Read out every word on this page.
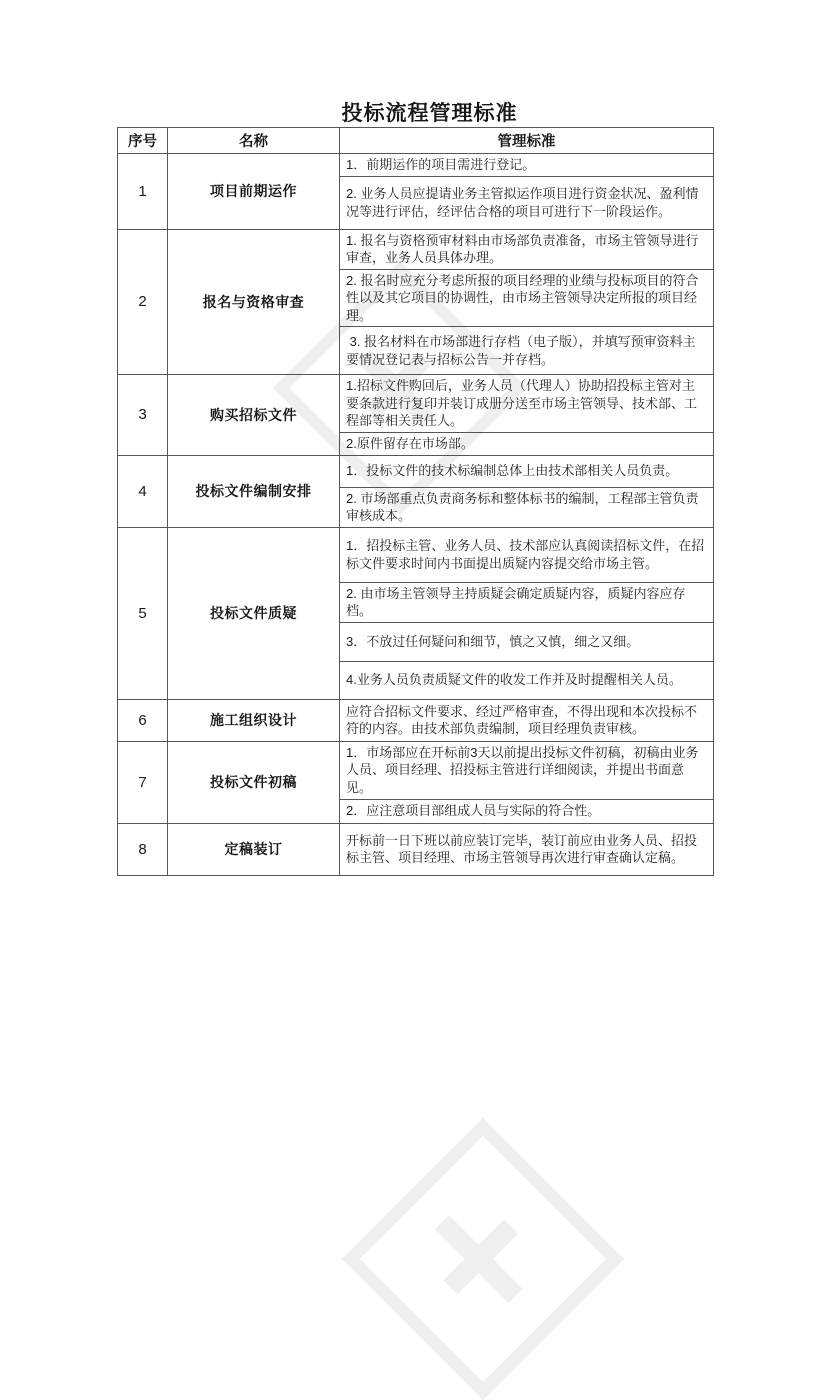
投标流程管理标准
序号	名称	管理标准
1	项目前期运作	1．前期运作的项目需进行登记。
		2. 业务人员应提请业务主管拟运作项目进行资金状况、盈利情况等进行评估，经评估合格的项目可进行下一阶段运作。
2	报名与资格审查	1. 报名与资格预审材料由市场部负责准备，市场主管领导进行审查，业务人员具体办理。
		2. 报名时应充分考虑所报的项目经理的业绩与投标项目的符合性以及其它项目的协调性，由市场主管领导决定所报的项目经理。
		3. 报名材料在市场部进行存档（电子版），并填写预审资料主要情况登记表与招标公告一并存档。
3	购买招标文件	1.招标文件购回后，业务人员（代理人）协助招投标主管对主要条款进行复印并装订成册分送至市场主管领导、技术部、工程部等相关责任人。
		2.原件留存在市场部。
4	投标文件编制安排	1．投标文件的技术标编制总体上由技术部相关人员负责。
		2. 市场部重点负责商务标和整体标书的编制，工程部主管负责审核成本。
5	投标文件质疑	1．招投标主管、业务人员、技术部应认真阅读招标文件，在招标文件要求时间内书面提出质疑内容提交给市场主管。
		2. 由市场主管领导主持质疑会确定质疑内容，质疑内容应存档。
		3．不放过任何疑问和细节，慎之又慎，细之又细。
		4.业务人员负责质疑文件的收发工作并及时提醒相关人员。
6	施工组织设计	应符合招标文件要求、经过严格审查，不得出现和本次投标不符的内容。由技术部负责编制，项目经理负责审核。
7	投标文件初稿	1．市场部应在开标前3天以前提出投标文件初稿，初稿由业务人员、项目经理、招投标主管进行详细阅读，并提出书面意见。
		2．应注意项目部组成人员与实际的符合性。
8	定稿装订	开标前一日下班以前应装订完毕，装订前应由业务人员、招投标主管、项目经理、市场主管领导再次进行审查确认定稿。
